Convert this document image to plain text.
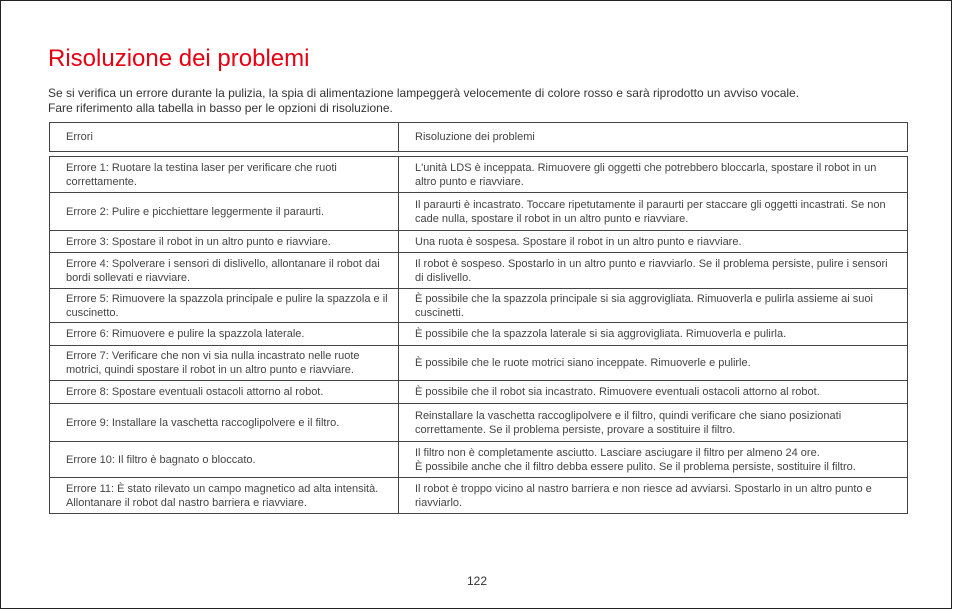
Risoluzione dei problemi

Se si verifica un errore durante la pulizia, la spia di alimentazione lampeggerà velocemente di colore rosso e sarà riprodotto un avviso vocale.

Fare riferimento alla tabella in basso per le opzioni di risoluzione.

Errori	Risoluzione dei problemi

Errore 1: Ruotare la testina laser per verificare che ruoti correttamente.	L'unità LDS è inceppata. Rimuovere gli oggetti che potrebbero bloccarla, spostare il robot in un altro punto e riavviare.
Errore 2: Pulire e picchiettare leggermente il paraurti.	Il paraurti è incastrato. Toccare ripetutamente il paraurti per staccare gli oggetti incastrati. Se non cade nulla, spostare il robot in un altro punto e riavviare.
Errore 3: Spostare il robot in un altro punto e riavviare.	Una ruota è sospesa. Spostare il robot in un altro punto e riavviare.
Errore 4: Spolverare i sensori di dislivello, allontanare il robot dai bordi sollevati e riavviare.	Il robot è sospeso. Spostarlo in un altro punto e riavviarlo. Se il problema persiste, pulire i sensori di dislivello.
Errore 5: Rimuovere la spazzola principale e pulire la spazzola e il cuscinetto.	È possibile che la spazzola principale si sia aggrovigliata. Rimuoverla e pulirla assieme ai suoi cuscinetti.
Errore 6: Rimuovere e pulire la spazzola laterale.	È possibile che la spazzola laterale si sia aggrovigliata. Rimuoverla e pulirla.
Errore 7: Verificare che non vi sia nulla incastrato nelle ruote motrici, quindi spostare il robot in un altro punto e riavviare.	È possibile che le ruote motrici siano inceppate. Rimuoverle e pulirle.
Errore 8: Spostare eventuali ostacoli attorno al robot.	È possibile che il robot sia incastrato. Rimuovere eventuali ostacoli attorno al robot.
Errore 9: Installare la vaschetta raccoglipolvere e il filtro.	Reinstallare la vaschetta raccoglipolvere e il filtro, quindi verificare che siano posizionati correttamente. Se il problema persiste, provare a sostituire il filtro.
Errore 10: Il filtro è bagnato o bloccato.	Il filtro non è completamente asciutto. Lasciare asciugare il filtro per almeno 24 ore.
È possibile anche che il filtro debba essere pulito. Se il problema persiste, sostituire il filtro.
Errore 11: È stato rilevato un campo magnetico ad alta intensità. Allontanare il robot dal nastro barriera e riavviare.	Il robot è troppo vicino al nastro barriera e non riesce ad avviarsi. Spostarlo in un altro punto e riavviarlo.
122
